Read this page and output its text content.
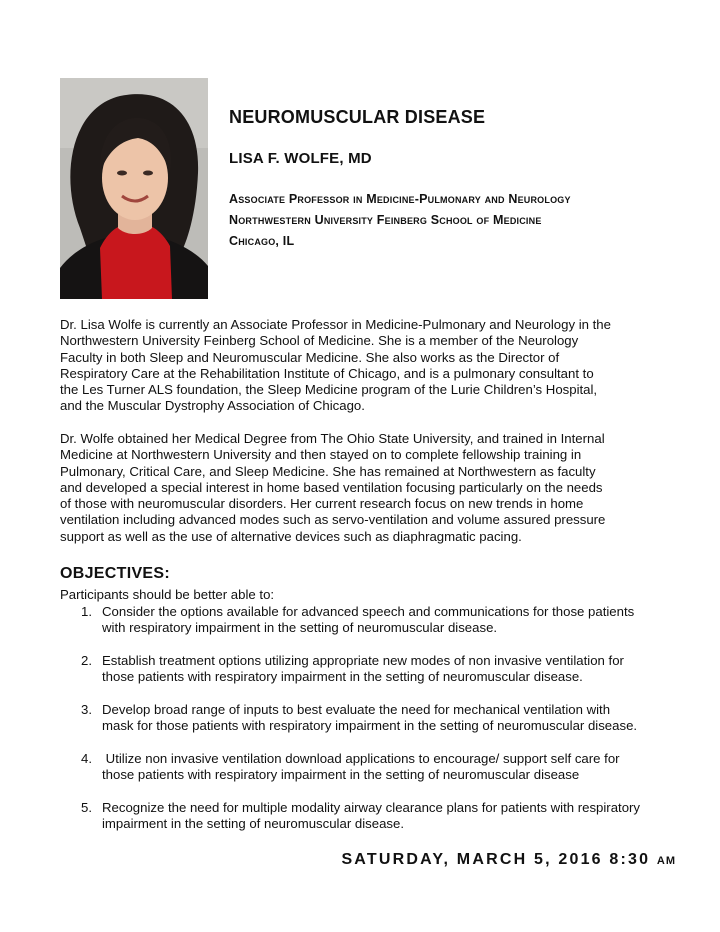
NEUROMUSCULAR DISEASE
LISA F. WOLFE, MD
Associate Professor in Medicine-Pulmonary and Neurology
Northwestern University Feinberg School of Medicine
Chicago, IL
Dr. Lisa Wolfe is currently an Associate Professor in Medicine-Pulmonary and Neurology in the
Northwestern University Feinberg School of Medicine. She is a member of the Neurology
Faculty in both Sleep and Neuromuscular Medicine. She also works as the Director of
Respiratory Care at the Rehabilitation Institute of Chicago, and is a pulmonary consultant to
the Les Turner ALS foundation, the Sleep Medicine program of the Lurie Children’s Hospital,
and the Muscular Dystrophy Association of Chicago.
Dr. Wolfe obtained her Medical Degree from The Ohio State University, and trained in Internal
Medicine at Northwestern University and then stayed on to complete fellowship training in
Pulmonary, Critical Care, and Sleep Medicine. She has remained at Northwestern as faculty
and developed a special interest in home based ventilation focusing particularly on the needs
of those with neuromuscular disorders. Her current research focus on new trends in home
ventilation including advanced modes such as servo-ventilation and volume assured pressure
support as well as the use of alternative devices such as diaphragmatic pacing.
OBJECTIVES:
Participants should be better able to:
1. Consider the options available for advanced speech and communications for those patients
with respiratory impairment in the setting of neuromuscular disease.
2. Establish treatment options utilizing appropriate new modes of non invasive ventilation for
those patients with respiratory impairment in the setting of neuromuscular disease.
3. Develop broad range of inputs to best evaluate the need for mechanical ventilation with
mask for those patients with respiratory impairment in the setting of neuromuscular disease.
4. Utilize non invasive ventilation download applications to encourage/ support self care for
those patients with respiratory impairment in the setting of neuromuscular disease
5. Recognize the need for multiple modality airway clearance plans for patients with respiratory
impairment in the setting of neuromuscular disease.
SATURDAY, MARCH 5, 2016 8:30 AM
